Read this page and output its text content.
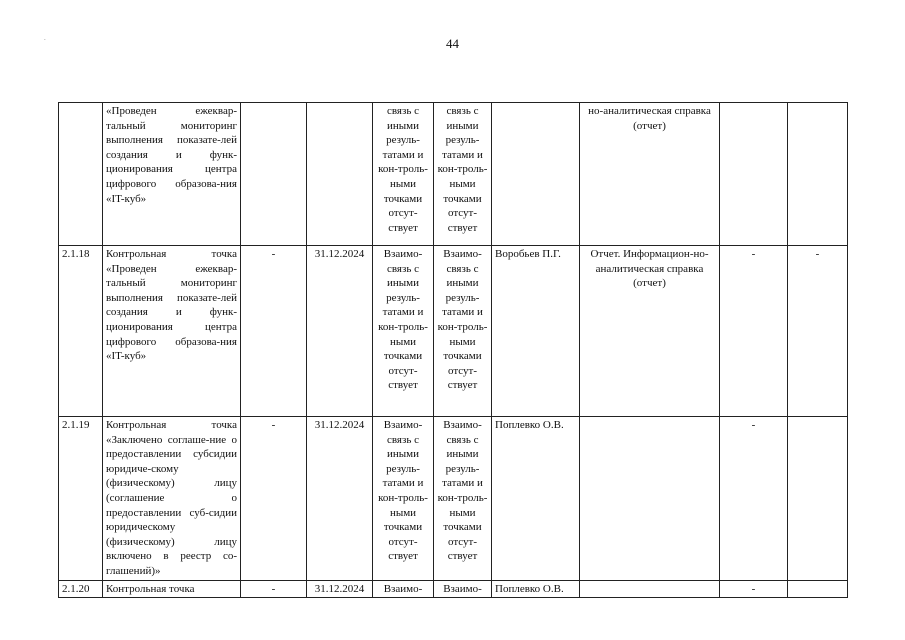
44
.
	«Проведен ежеквар-тальный мониторинг выполнения показате-лей создания и функ-ционирования центра цифрового образова-ния «IT-куб»			связь с иными резуль-татами и кон-троль-ными точками отсут-ствует	связь с иными резуль-татами и кон-троль-ными точками отсут-ствует		но-аналитическая справка (отчет)		
2.1.18	Контрольная точка «Проведен ежеквар-тальный мониторинг выполнения показате-лей создания и функ-ционирования центра цифрового образова-ния «IT-куб»	-	31.12.2024	Взаимо-связь с иными резуль-татами и кон-троль-ными точками отсут-ствует	Взаимо-связь с иными резуль-татами и кон-троль-ными точками отсут-ствует	Воробьев П.Г.	Отчет. Информацион-но-аналитическая справка (отчет)	-	-
2.1.19	Контрольная точка «Заключено соглаше-ние о предоставлении субсидии юридиче-скому (физическому) лицу (соглашение о предоставлении суб-сидии юридическому (физическому) лицу включено в реестр со-глашений)»	-	31.12.2024	Взаимо-связь с иными резуль-татами и кон-троль-ными точками отсут-ствует	Взаимо-связь с иными резуль-татами и кон-троль-ными точками отсут-ствует	Поплевко О.В.		-	
2.1.20	Контрольная точка	-	31.12.2024	Взаимо-	Взаимо-	Поплевко О.В.		-	
